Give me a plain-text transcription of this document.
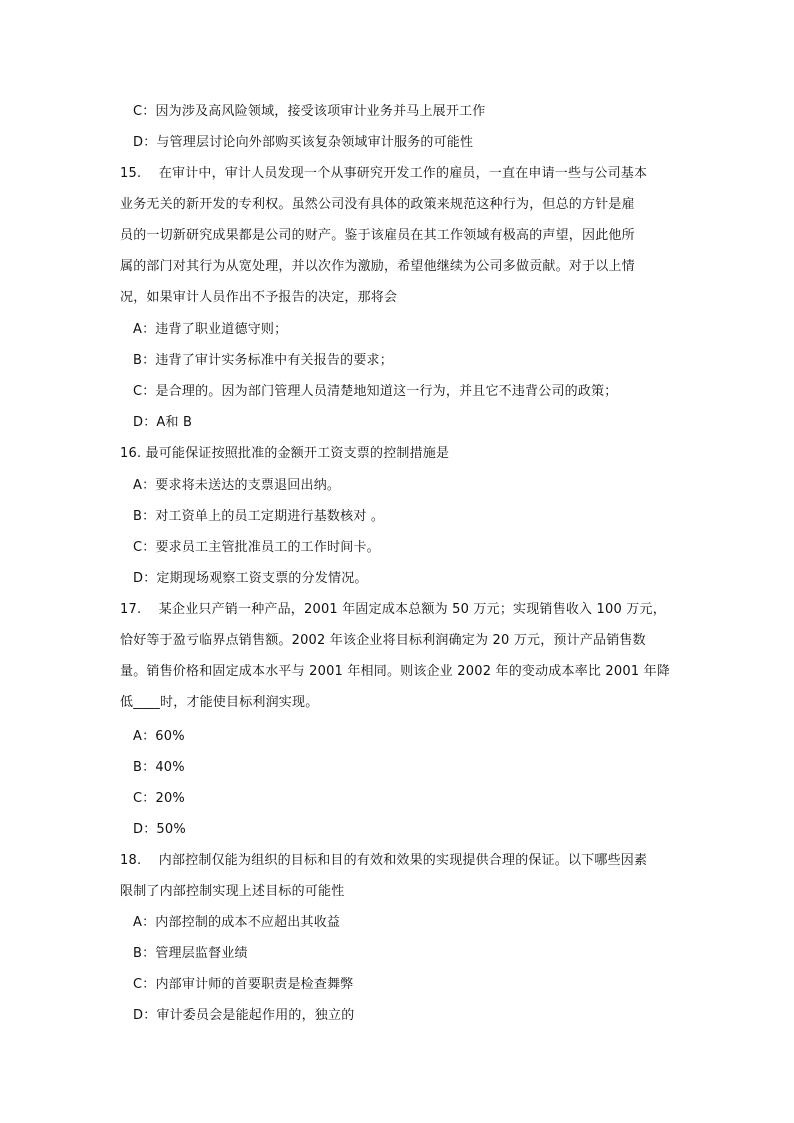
C：因为涉及高风险领域，接受该项审计业务并马上展开工作
D：与管理层讨论向外部购买该复杂领域审计服务的可能性
15.　 在审计中，审计人员发现一个从事研究开发工作的雇员，一直在申请一些与公司基本
业务无关的新开发的专利权。虽然公司没有具体的政策来规范这种行为，但总的方针是雇
员的一切新研究成果都是公司的财产。鉴于该雇员在其工作领域有极高的声望，因此他所
属的部门对其行为从宽处理，并以次作为激励，希望他继续为公司多做贡献。对于以上情
况，如果审计人员作出不予报告的决定，那将会
A：违背了职业道德守则；
B：违背了审计实务标准中有关报告的要求；
C：是合理的。因为部门管理人员清楚地知道这一行为，并且它不违背公司的政策；
D：A和 B
16. 最可能保证按照批准的金额开工资支票的控制措施是
A：要求将未送达的支票退回出纳。
B：对工资单上的员工定期进行基数核对 。
C：要求员工主管批准员工的工作时间卡。
D：定期现场观察工资支票的分发情况。
17.　 某企业只产销一种产品，2001 年固定成本总额为 50 万元；实现销售收入 100 万元，
恰好等于盈亏临界点销售额。2002 年该企业将目标利润确定为 20 万元，预计产品销售数
量。销售价格和固定成本水平与 2001 年相同。则该企业 2002 年的变动成本率比 2001 年降
低____时，才能使目标利润实现。
A：60%
B：40%
C：20%
D：50%
18.　 内部控制仅能为组织的目标和目的有效和效果的实现提供合理的保证。以下哪些因素
限制了内部控制实现上述目标的可能性
A：内部控制的成本不应超出其收益
B：管理层监督业绩
C：内部审计师的首要职责是检查舞弊
D：审计委员会是能起作用的，独立的
